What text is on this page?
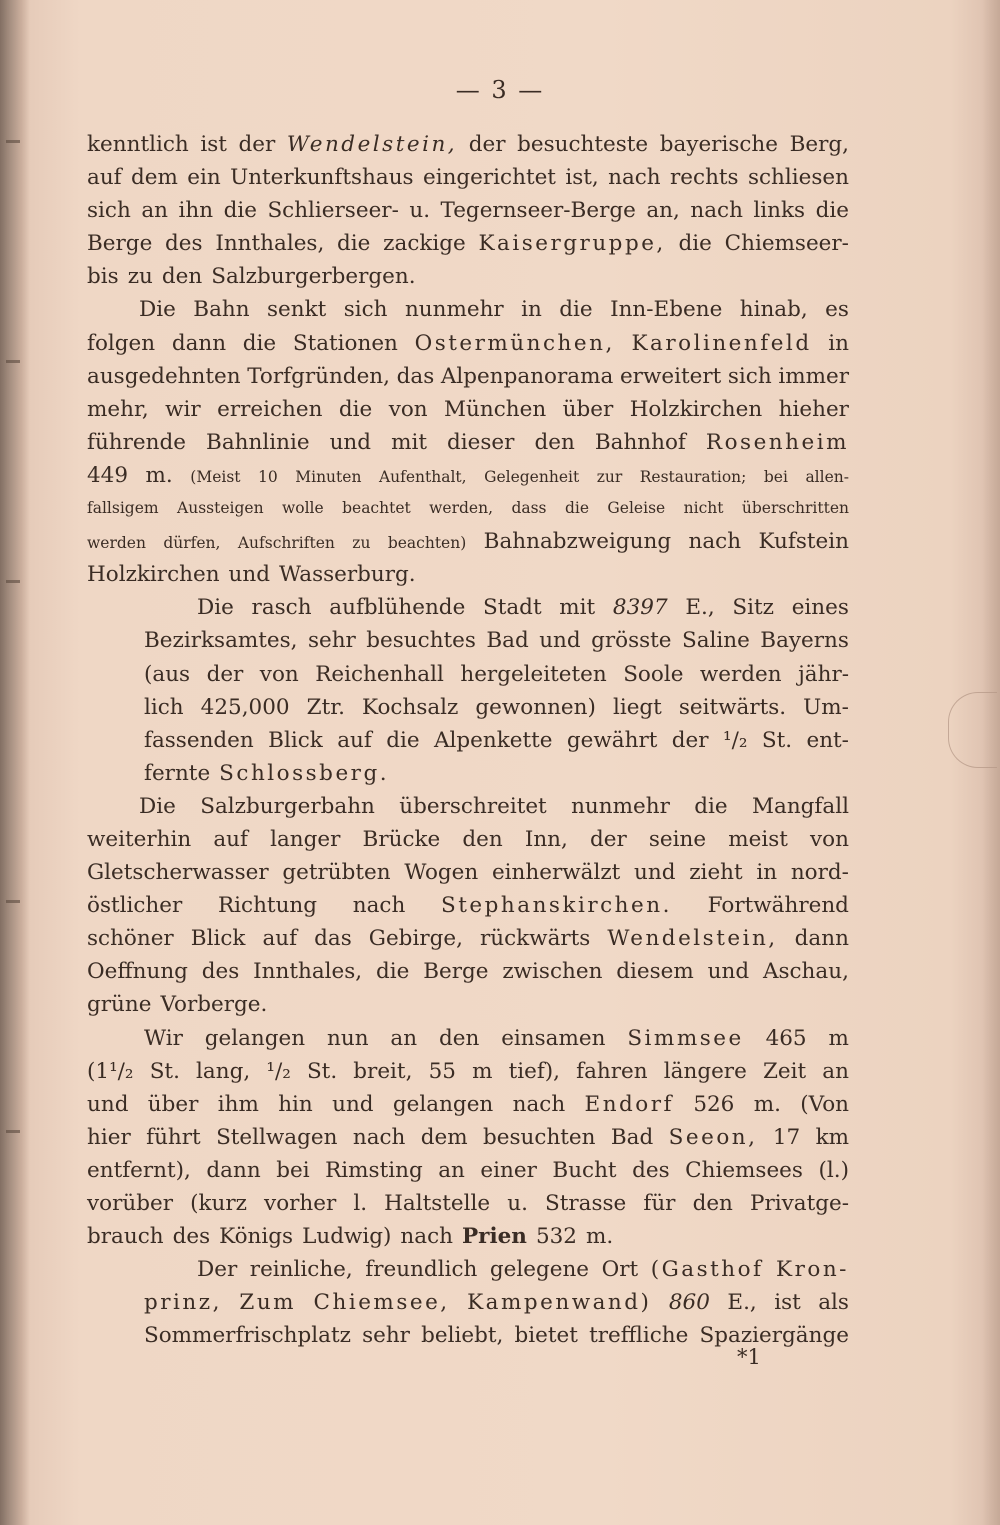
— 3 —
kenntlich ist der Wendelstein, der besuchteste bayerische Berg,
auf dem ein Unterkunftshaus eingerichtet ist, nach rechts schliesen
sich an ihn die Schlierseer- u. Tegernseer-Berge an, nach links die
Berge des Innthales, die zackige Kaisergruppe, die Chiemseer-
bis zu den Salzburgerbergen.
Die Bahn senkt sich nunmehr in die Inn-Ebene hinab, es
folgen dann die Stationen Ostermünchen, Karolinenfeld in
ausgedehnten Torfgründen, das Alpenpanorama erweitert sich immer
mehr, wir erreichen die von München über Holzkirchen hieher
führende Bahnlinie und mit dieser den Bahnhof Rosenheim
449 m. (Meist 10 Minuten Aufenthalt, Gelegenheit zur Restauration; bei allen-
fallsigem Aussteigen wolle beachtet werden, dass die Geleise nicht überschritten
werden dürfen, Aufschriften zu beachten) Bahnabzweigung nach Kufstein
Holzkirchen und Wasserburg.
Die rasch aufblühende Stadt mit 8397 E., Sitz eines
Bezirksamtes, sehr besuchtes Bad und grösste Saline Bayerns
(aus der von Reichenhall hergeleiteten Soole werden jähr-
lich 425,000 Ztr. Kochsalz gewonnen) liegt seitwärts. Um-
fassenden Blick auf die Alpenkette gewährt der ¹/₂ St. ent-
fernte Schlossberg.
Die Salzburgerbahn überschreitet nunmehr die Mangfall
weiterhin auf langer Brücke den Inn, der seine meist von
Gletscherwasser getrübten Wogen einherwälzt und zieht in nord-
östlicher Richtung nach Stephanskirchen. Fortwährend
schöner Blick auf das Gebirge, rückwärts Wendelstein, dann
Oeffnung des Innthales, die Berge zwischen diesem und Aschau,
grüne Vorberge.
Wir gelangen nun an den einsamen Simmsee 465 m
(1¹/₂ St. lang, ¹/₂ St. breit, 55 m tief), fahren längere Zeit an
und über ihm hin und gelangen nach Endorf 526 m. (Von
hier führt Stellwagen nach dem besuchten Bad Seeon, 17 km
entfernt), dann bei Rimsting an einer Bucht des Chiemsees (l.)
vorüber (kurz vorher l. Haltstelle u. Strasse für den Privatge-
brauch des Königs Ludwig) nach Prien 532 m.
Der reinliche, freundlich gelegene Ort (Gasthof Kron-
prinz, Zum Chiemsee, Kampenwand) 860 E., ist als
Sommerfrischplatz sehr beliebt, bietet treffliche Spaziergänge
*1
